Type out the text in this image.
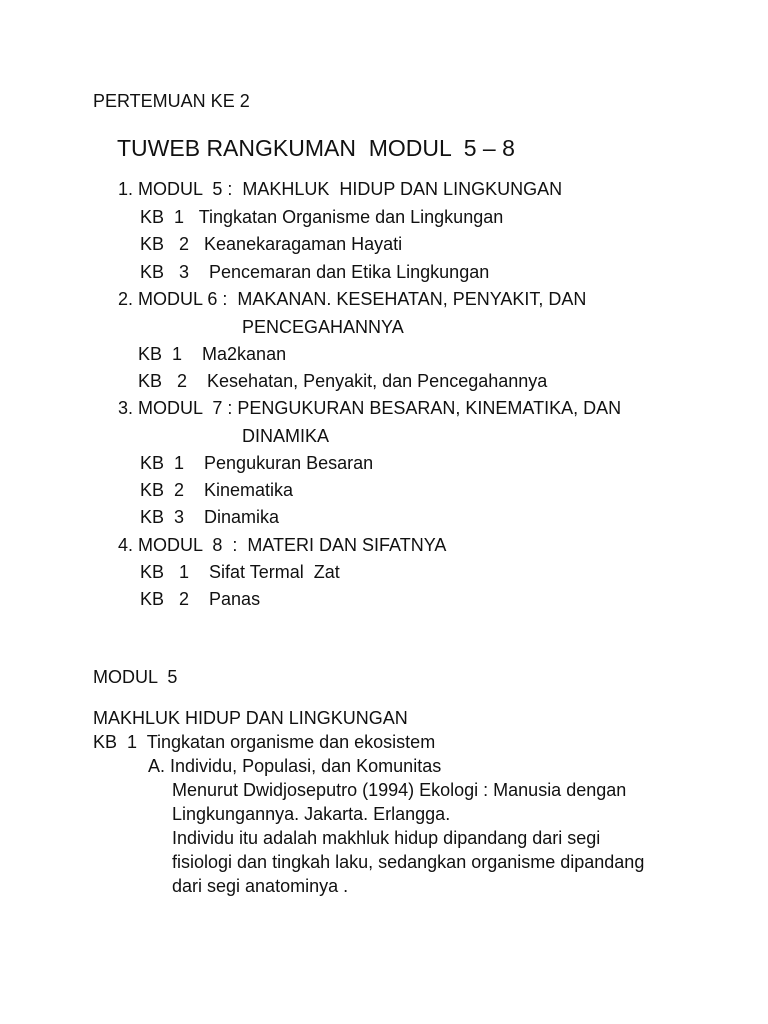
PERTEMUAN KE 2
TUWEB RANGKUMAN  MODUL  5 – 8
1. MODUL  5 :  MAKHLUK  HIDUP DAN LINGKUNGAN
KB  1   Tingkatan Organisme dan Lingkungan
KB   2   Keanekaragaman Hayati
KB   3    Pencemaran dan Etika Lingkungan
2. MODUL 6 :  MAKANAN. KESEHATAN, PENYAKIT, DAN
PENCEGAHANNYA
KB  1    Ma2kanan
KB   2    Kesehatan, Penyakit, dan Pencegahannya
3. MODUL  7 : PENGUKURAN BESARAN, KINEMATIKA, DAN
DINAMIKA
KB  1    Pengukuran Besaran
KB  2    Kinematika
KB  3    Dinamika
4. MODUL  8  :  MATERI DAN SIFATNYA
KB   1    Sifat Termal  Zat
KB   2    Panas
MODUL  5
MAKHLUK HIDUP DAN LINGKUNGAN
KB  1  Tingkatan organisme dan ekosistem
A. Individu, Populasi, dan Komunitas
Menurut Dwidjoseputro (1994) Ekologi : Manusia dengan
Lingkungannya. Jakarta. Erlangga.
Individu itu adalah makhluk hidup dipandang dari segi
fisiologi dan tingkah laku, sedangkan organisme dipandang
dari segi anatominya .
